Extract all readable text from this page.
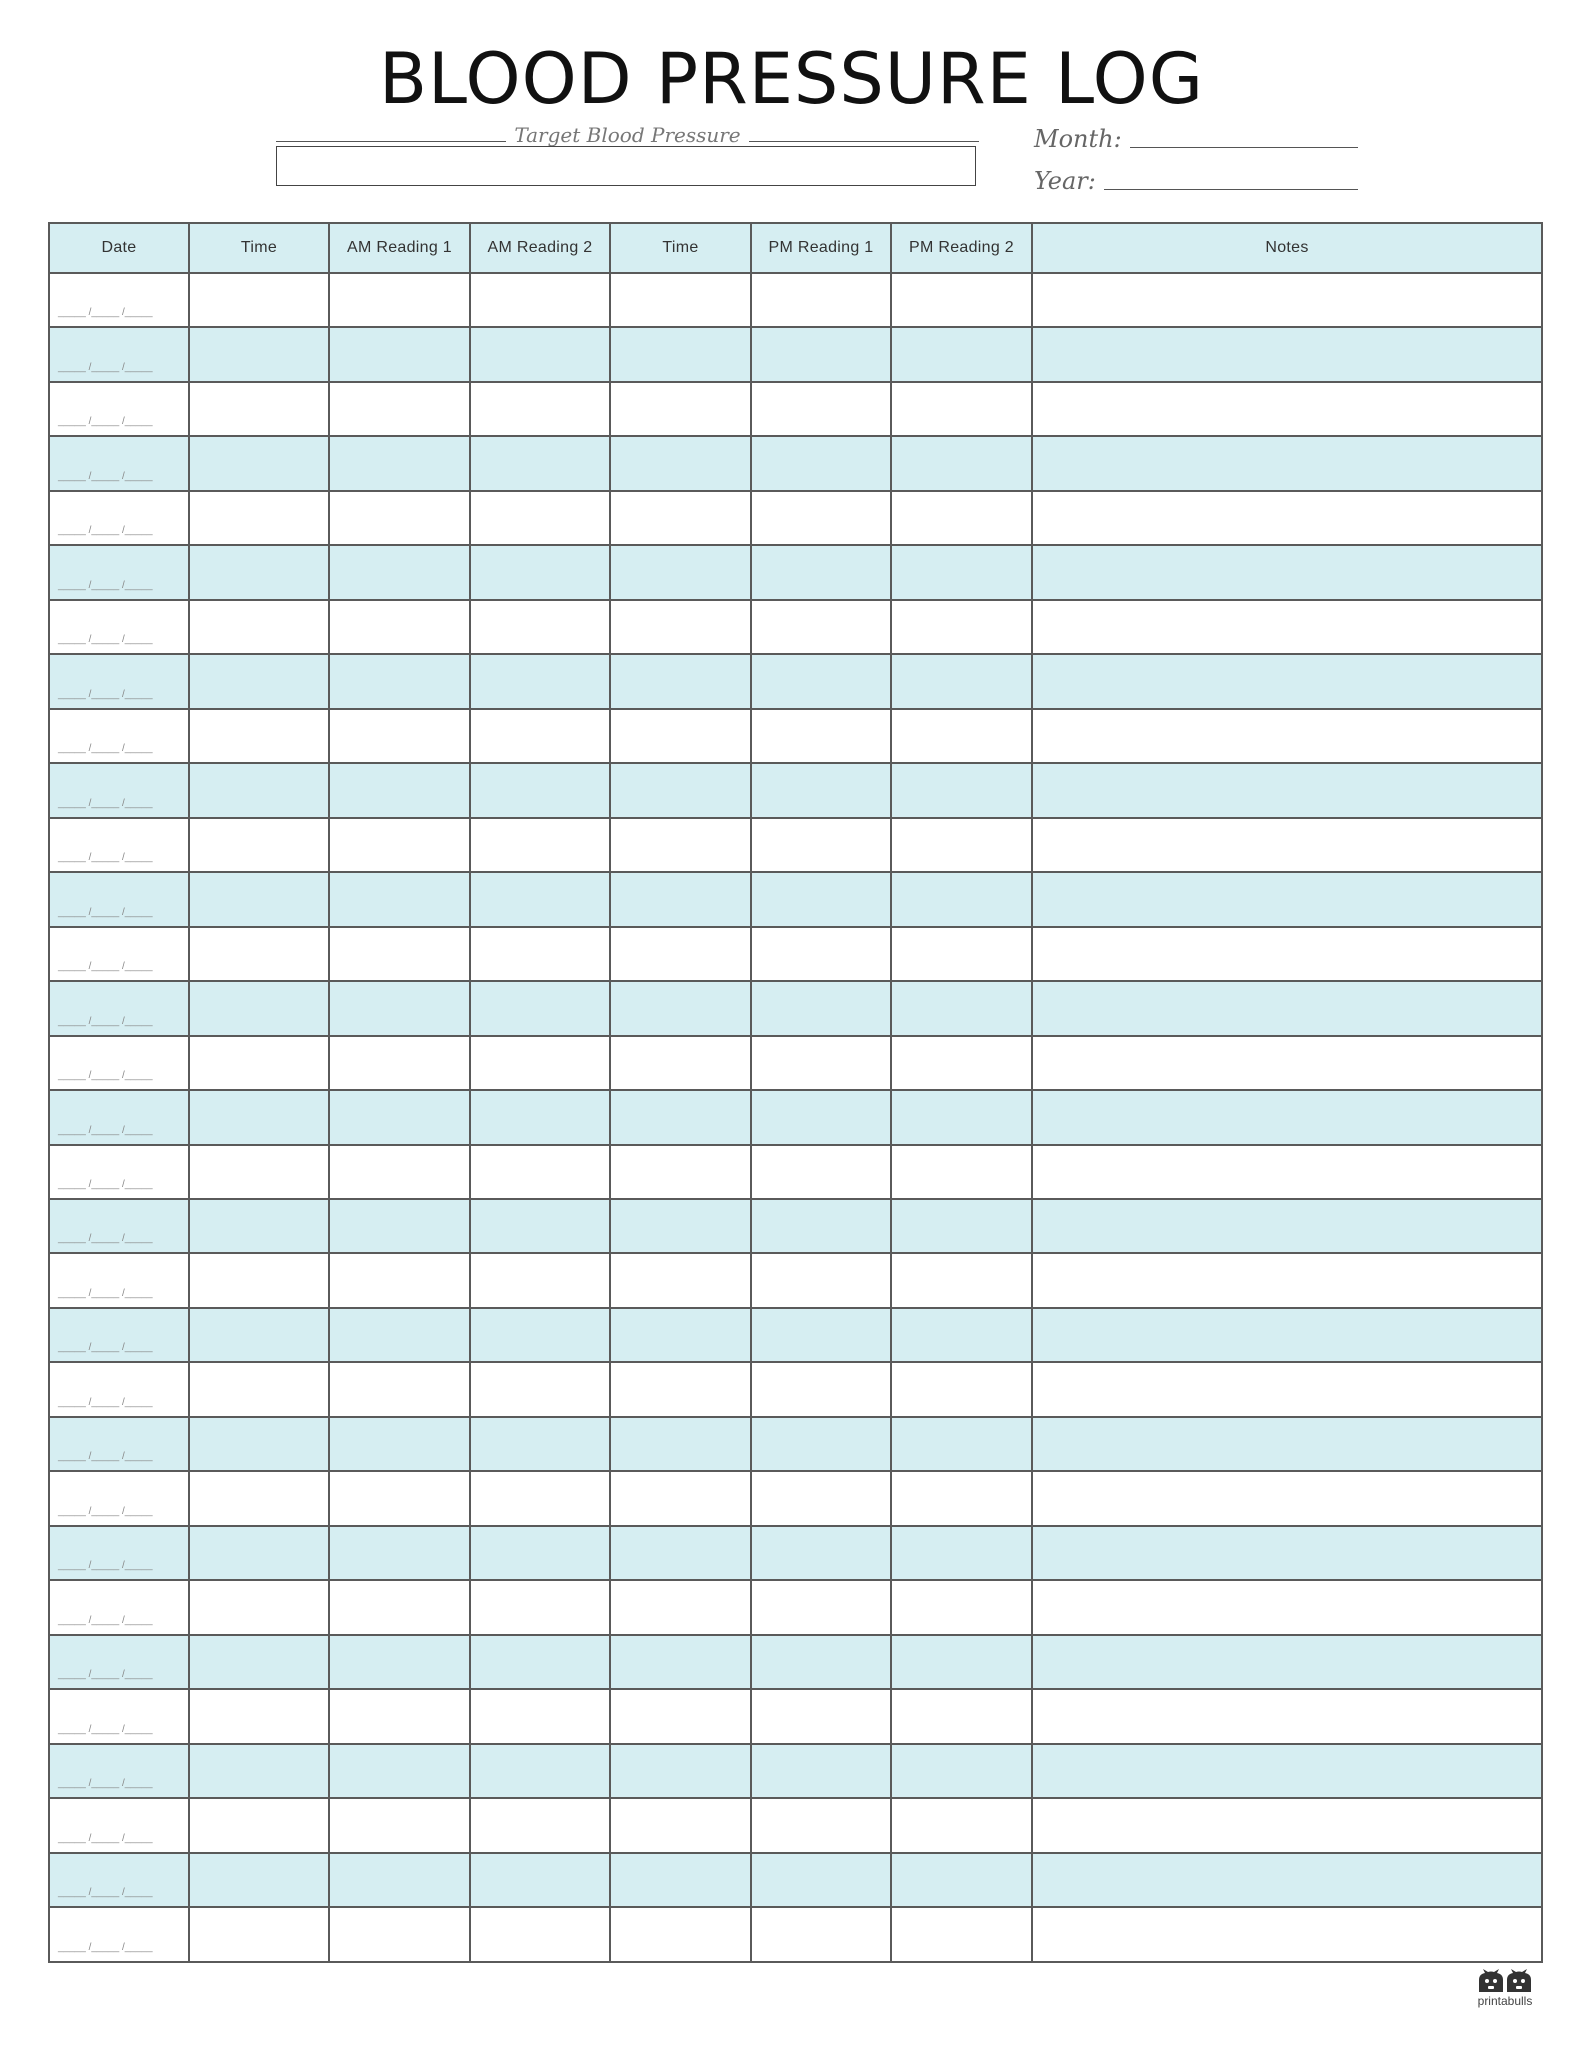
BLOOD PRESSURE LOG
Target Blood Pressure	Month:
Year:
Date	Time	AM Reading 1	AM Reading 2	Time	PM Reading 1	PM Reading 2	Notes

_____ /_____ /_____							

_____ /_____ /_____							

_____ /_____ /_____							

_____ /_____ /_____							

_____ /_____ /_____							

_____ /_____ /_____							

_____ /_____ /_____							

_____ /_____ /_____							

_____ /_____ /_____							

_____ /_____ /_____							

_____ /_____ /_____							

_____ /_____ /_____							

_____ /_____ /_____							

_____ /_____ /_____							

_____ /_____ /_____							

_____ /_____ /_____							

_____ /_____ /_____							

_____ /_____ /_____							

_____ /_____ /_____							

_____ /_____ /_____							

_____ /_____ /_____							

_____ /_____ /_____							

_____ /_____ /_____							

_____ /_____ /_____							

_____ /_____ /_____							

_____ /_____ /_____							

_____ /_____ /_____							

_____ /_____ /_____							

_____ /_____ /_____							

_____ /_____ /_____							

_____ /_____ /_____							

printabulls
